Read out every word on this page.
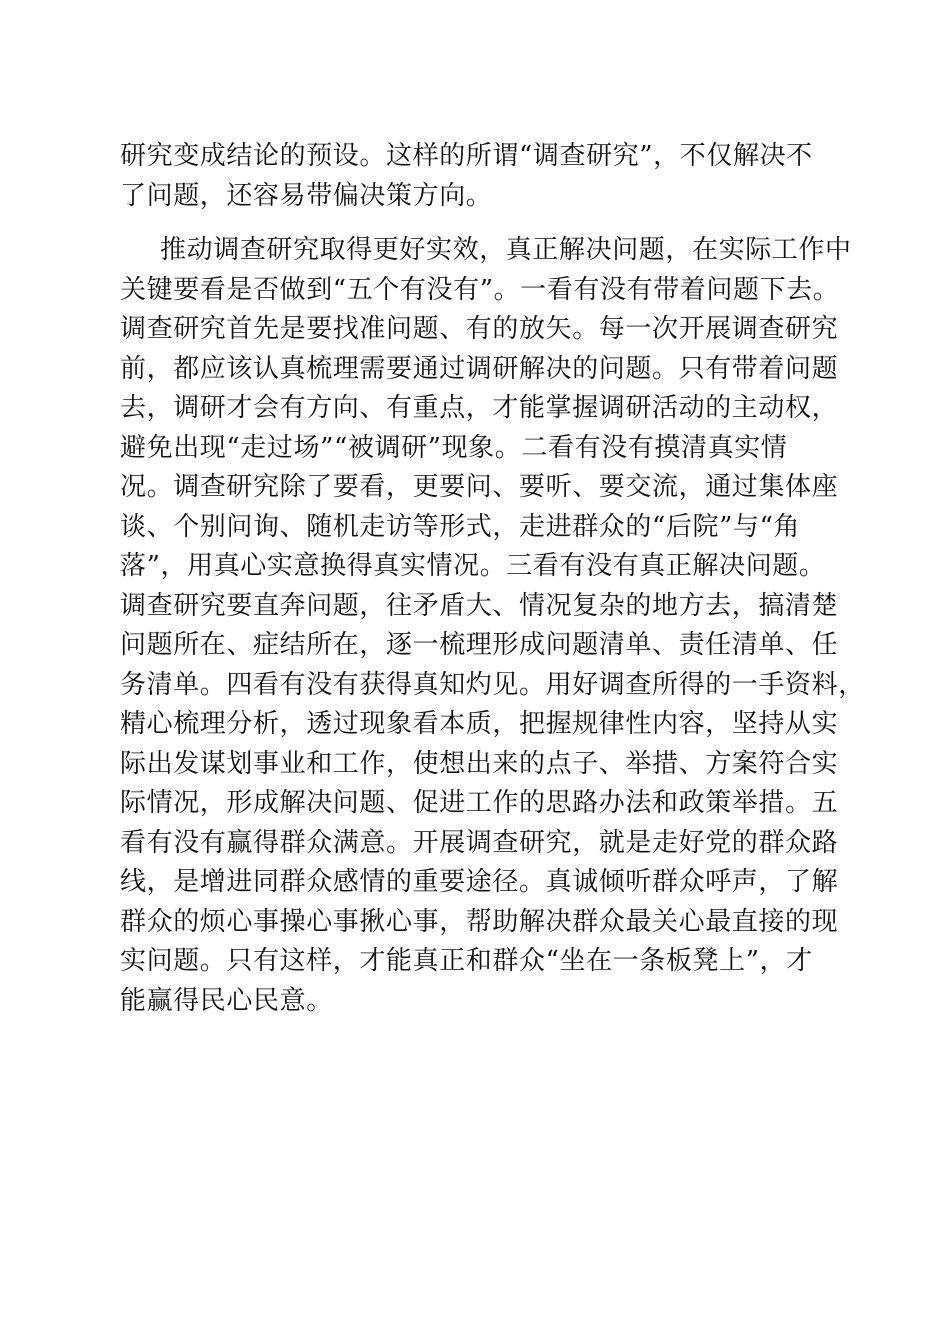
研究变成结论的预设。这样的所谓“调查研究”，不仅解决不
了问题，还容易带偏决策方向。
推动调查研究取得更好实效，真正解决问题，在实际工作中
关键要看是否做到“五个有没有”。一看有没有带着问题下去。
调查研究首先是要找准问题、有的放矢。每一次开展调查研究
前，都应该认真梳理需要通过调研解决的问题。只有带着问题
去，调研才会有方向、有重点，才能掌握调研活动的主动权，
避免出现“走过场”“被调研”现象。二看有没有摸清真实情
况。调查研究除了要看，更要问、要听、要交流，通过集体座
谈、个别问询、随机走访等形式，走进群众的“后院”与“角
落”，用真心实意换得真实情况。三看有没有真正解决问题。
调查研究要直奔问题，往矛盾大、情况复杂的地方去，搞清楚
问题所在、症结所在，逐一梳理形成问题清单、责任清单、任
务清单。四看有没有获得真知灼见。用好调查所得的一手资料，
精心梳理分析，透过现象看本质，把握规律性内容，坚持从实
际出发谋划事业和工作，使想出来的点子、举措、方案符合实
际情况，形成解决问题、促进工作的思路办法和政策举措。五
看有没有赢得群众满意。开展调查研究，就是走好党的群众路
线，是增进同群众感情的重要途径。真诚倾听群众呼声，了解
群众的烦心事操心事揪心事，帮助解决群众最关心最直接的现
实问题。只有这样，才能真正和群众“坐在一条板凳上”，才
能赢得民心民意。
